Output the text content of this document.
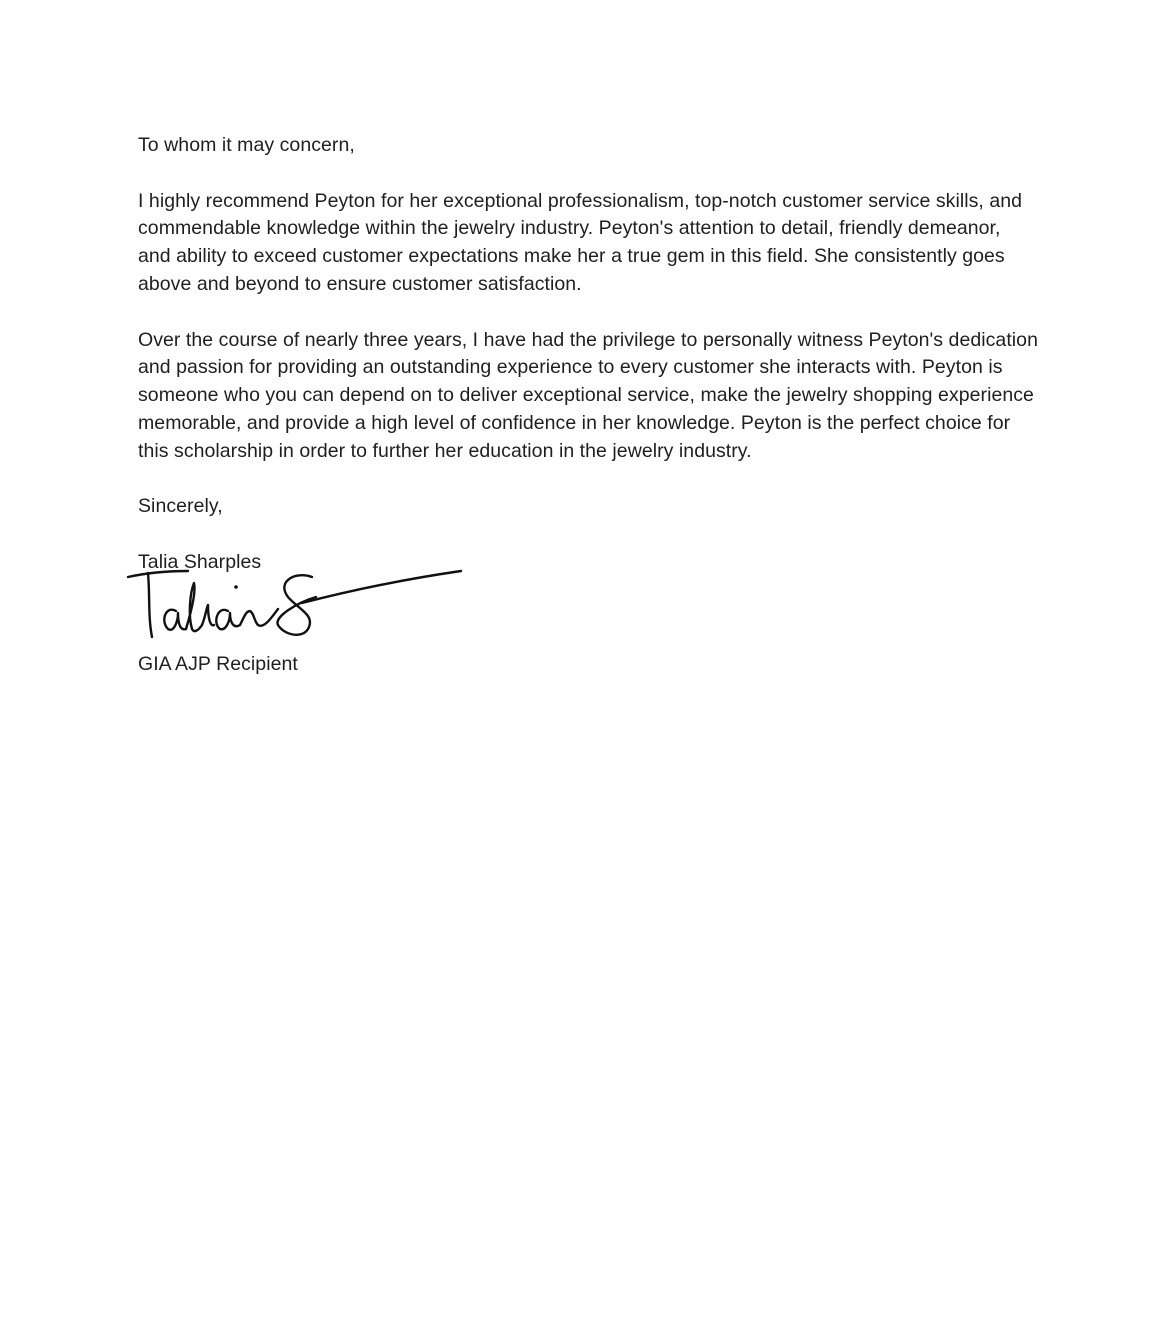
To whom it may concern,

I highly recommend Peyton for her exceptional professionalism, top-notch customer service skills, and commendable knowledge within the jewelry industry. Peyton's attention to detail, friendly demeanor, and ability to exceed customer expectations make her a true gem in this field. She consistently goes above and beyond to ensure customer satisfaction.

Over the course of nearly three years, I have had the privilege to personally witness Peyton's dedication and passion for providing an outstanding experience to every customer she interacts with. Peyton is someone who you can depend on to deliver exceptional service, make the jewelry shopping experience memorable, and provide a high level of confidence in her knowledge. Peyton is the perfect choice for this scholarship in order to further her education in the jewelry industry.

Sincerely,

Talia Sharples
GIA AJP Recipient
